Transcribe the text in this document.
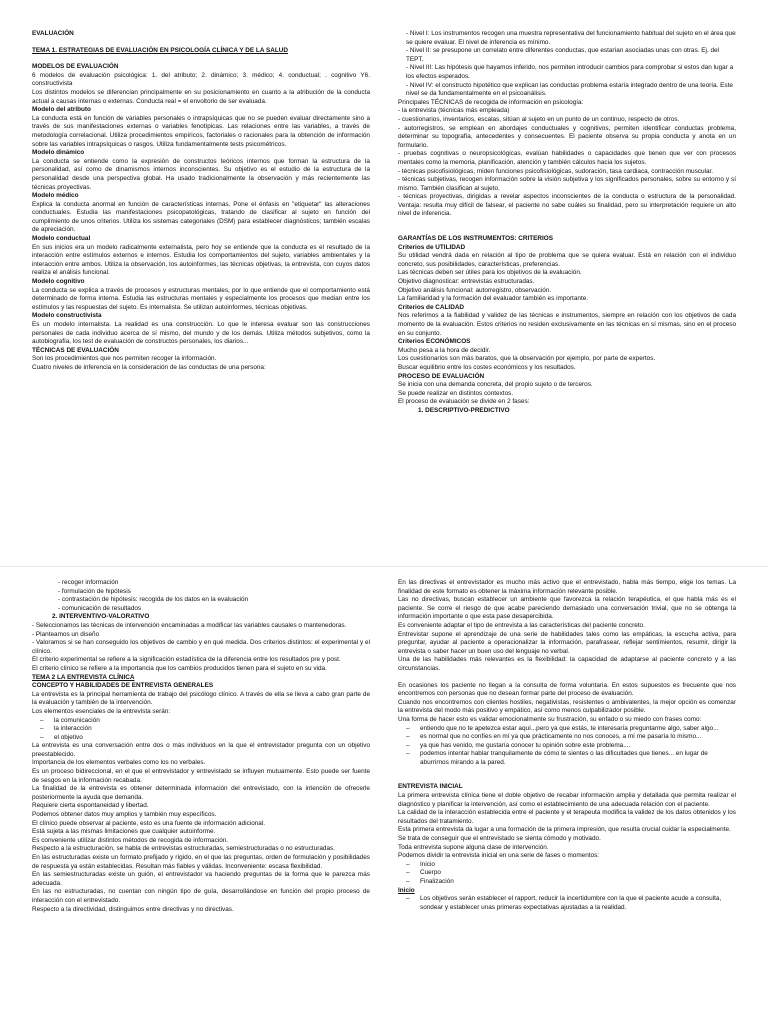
EVALUACIÓN
TEMA 1. ESTRATEGIAS DE EVALUACIÓN EN PSICOLOGÍA CLÍNICA Y DE LA SALUD
MODELOS DE EVALUACIÓN
6 modelos de evaluación psicológica: 1. del atributo; 2. dinámico; 3. médico; 4. conductual; . cognitivo Y6. constructivista
Los distintos modelos se diferencian principalmente en su posicionamiento en cuanto a la atribución de la conducta actual a causas internas o externas. Conducta real = el envoltorio de ser evaluada.
Modelo del atributo
La conducta está en función de variables personales o intrapsíquicas que no se pueden evaluar directamente sino a través de sus manifestaciones externas o variables fenotípicas. Las relaciones entre las variables, a través de metodología correlacional. Utiliza procedimientos empíricos, factoriales o racionales para la obtención de información sobre las variables intrapsíquicas o rasgos. Utiliza fundamentalmente tests psicométricos.
Modelo dinámico
La conducta se entiende como la expresión de constructos teóricos internos que forman la estructura de la personalidad, así como de dinamismos internos inconscientes. Su objetivo es el estudio de la estructura de la personalidad desde una perspectiva global. Ha usado tradicionalmente la observación y más recientemente las técnicas proyectivas.
Modelo médico
Explica la conducta anormal en función de características internas. Pone el énfasis en "etiquetar" las alteraciones conductuales. Estudia las manifestaciones psicopatológicas, tratando de clasificar al sujeto en función del cumplimiento de unos criterios. Utiliza los sistemas categoriales (DSM) para establecer diagnósticos; también escalas de apreciación.
Modelo conductual
En sus inicios era un modelo radicalmente externalista, pero hoy se entiende que la conducta es el resultado de la interacción entre estímulos externos e internos. Estudia los comportamientos del sujeto, variables ambientales y la interacción entre ambos. Utiliza la observación, los autoinformes, las técnicas objetivas, la entrevista, con cuyos datos realiza el análisis funcional.
Modelo cognitivo
La conducta se explica a través de procesos y estructuras mentales, por lo que entiende que el comportamiento está determinado de forma interna. Estudia las estructuras mentales y especialmente los procesos que median entre los estímulos y las respuestas del sujeto. Es internalista. Se utilizan autoinformes, técnicas objetivas.
Modelo constructivista
Es un modelo internalista. La realidad es una construcción. Lo que le interesa evaluar son las construcciones personales de cada individuo acerca de sí mismo, del mundo y de los demás. Utiliza métodos subjetivos, como la autobiografía, los test de evaluación de constructos personales, los diarios...
TÉCNICAS DE EVALUACIÓN
Son los procedimientos que nos permiten recoger la información.
Cuatro niveles de inferencia en la consideración de las conductas de una persona:
- Nivel I: Los instrumentos recogen una muestra representativa del funcionamiento habitual del sujeto en el área que se quiere evaluar. El nivel de inferencia es mínimo.
- Nivel II: se presupone un correlato entre diferentes conductas, que estarían asociadas unas con otras. Ej. del TEPT.
- Nivel III: Las hipótesis que hayamos inferido, nos permiten introducir cambios para comprobar si estos dan lugar a los efectos esperados.
- Nivel IV: el constructo hipotético que explican las conductas problema estaría integrado dentro de una teoría. Este nivel se da fundamentalmente en el psicoanálisis.
Principales TÉCNICAS de recogida de información en psicología:
- la entrevista (técnicas más empleada)
- cuestionarios, inventarios, escalas, sitúan al sujeto en un punto de un continuo, respecto de otros.
- autorregistros, se emplean en abordajes conductuales y cognitivos, permiten identificar conductas problema, determinar su topografía, antecedentes y consecuentes. El paciente observa su propia conducta y anota en un formulario.
- pruebas cognitivas o neuropsicológicas, evalúan habilidades o capacidades que tienen que ver con procesos mentales como la memoria, planificación, atención y también cálculos hacia los sujetos.
- técnicas psicofisiológicas, miden funciones psicofisiológicas, sudoración, tasa cardiaca, contracción muscular.
- técnicas subjetivas, recogen información sobre la visión subjetiva y los significados personales, sobre su entorno y sí mismo. También clasifican al sujeto.
- técnicas proyectivas, dirigidas a revelar aspectos inconscientes de la conducta o estructura de la personalidad. Ventaja: resulta muy difícil de falsear, el paciente no sabe cuáles su finalidad, pero su interpretación requiere un alto nivel de inferencia.
GARANTÍAS DE LOS INSTRUMENTOS: CRITERIOS
Criterios de UTILIDAD
Su utilidad vendrá dada en relación al tipo de problema que se quiera evaluar. Está en relación con el individuo concreto, sus posibilidades, características, preferencias.
Las técnicas deben ser útiles para los objetivos de la evaluación.
Objetivo diagnosticar: entrevistas estructuradas.
Objetivo análisis funcional: autorregistro, observación.
La familiaridad y la formación del evaluador también es importante.
Criterios de CALIDAD
Nos referimos a la fiabilidad y validez de las técnicas e instrumentos, siempre en relación con los objetivos de cada momento de la evaluación. Estos criterios no residen exclusivamente en las técnicas en sí mismas, sino en el proceso en su conjunto.
Criterios ECONÓMICOS
Mucho pesa a la hora de decidir.
Los cuestionarios son más baratos, que la observación por ejemplo, por parte de expertos.
Buscar equilibrio entre los costes económicos y los resultados.
PROCESO DE EVALUACIÓN
Se inicia con una demanda concreta, del propio sujeto o de terceros.
Se puede realizar en distintos contextos.
El proceso de evaluación se divide en 2 fases:
1. DESCRIPTIVO-PREDICTIVO
- recoger información
- formulación de hipótesis
- contrastación de hipótesis: recogida de los datos en la evaluación
- comunicación de resultados
2. INTERVENTIVO-VALORATIVO
- Seleccionamos las técnicas de intervención encaminadas a modificar las variables causales o mantenedoras.
- Planteamos un diseño
- Valoramos si se han conseguido los objetivos de cambio y en qué medida. Dos criterios distintos: el experimental y el clínico.
El criterio experimental se refiere a la significación estadística de la diferencia entre los resultados pre y post.
El criterio clínico se refiere a la importancia que los cambios producidos tienen para el sujeto en su vida.
TEMA 2 LA ENTREVISTA CLÍNICA
CONCEPTO Y HABILIDADES DE ENTREVISTA GENERALES
La entrevista es la principal herramienta de trabajo del psicólogo clínico. A través de ella se lleva a cabo gran parte de la evaluación y también de la intervención.
Los elementos esenciales de la entrevista serán:
– la comunicación
– la interacción
– el objetivo
La entrevista es una conversación entre dos o más individuos en la que el entrevistador pregunta con un objetivo preestablecido.
Importancia de los elementos verbales como los no verbales.
Es un proceso bidireccional, en el que el entrevistador y entrevistado se influyen mutuamente. Esto puede ser fuente de sesgos en la información recabada.
La finalidad de la entrevista es obtener determinada información del entrevistado, con la intención de ofrecerle posteriormente la ayuda que demanda.
Requiere cierta espontaneidad y libertad.
Podemos obtener datos muy amplios y también muy específicos.
El clínico puede observar al paciente, esto es una fuente de información adicional.
Está sujeta a las mismas limitaciones que cualquier autoinforme.
Es conveniente utilizar distintos métodos de recogida de información.
Respecto a la estructuración, se habla de entrevistas estructuradas, semiestructuradas o no estructuradas.
En las estructuradas existe un formato prefijado y rígido, en el que las preguntas, orden de formulación y posibilidades de respuesta ya están establecidas. Resultan más fiables y válidas. Inconveniente: escasa flexibilidad.
En las semiestructuradas existe un guión, el entrevistador va haciendo preguntas de la forma que le parezca más adecuada.
En las no estructuradas, no cuentan con ningún tipo de guía, desarrollándose en función del propio proceso de interacción con el entrevistado.
Respecto a la directividad, distinguimos entre directivas y no directivas.
En las directivas el entrevistador es mucho más activo que el entrevistado, habla más tiempo, elige los temas. La finalidad de este formato es obtener la máxima información relevante posible.
Las no directivas, buscan establecer un ambiente que favorezca la relación terapéutica, el que habla más es el paciente. Se corre el riesgo de que acabe pareciendo demasiado una conversación trivial, que no se obtenga la información importante o que esta pase desapercibida.
Es conveniente adaptar el tipo de entrevista a las características del paciente concreto.
Entrevistar supone el aprendizaje de una serie de habilidades tales como las empáticas, la escucha activa, para preguntar, ayudar al paciente a operacionalizar la información, parafrasear, reflejar sentimientos, resumir, dirigir la entrevista o saber hacer un buen uso del lenguaje no verbal.
Una de las habilidades más relevantes es la flexibilidad: la capacidad de adaptarse al paciente concreto y a las circunstancias.
En ocasiones los paciente no llegan a la consulta de forma voluntaria. En estos supuestos es frecuente que nos encontremos con personas que no desean formar parte del proceso de evaluación.
Cuando nos encontremos con clientes hostiles, negativistas, resistentes o ambivalentes, la mejor opción es comenzar la entrevista del modo más positivo y empático, así como menos culpabilizador posible.
Una forma de hacer esto es validar emocionalmente su frustración, su enfado o su miedo con frases como:
– entiendo que no te apetezca estar aquí...pero ya que estás, te interesaría preguntarme algo, saber algo...
– es normal que no confíes en mí ya que prácticamente no nos conoces, a mí me pasaría lo mismo...
– ya que has venido, me gustaría conocer tu opinión sobre este problema....
– podemos intentar hablar tranquilamente de cómo te sientes o las dificultades que tienes... en lugar de aburrirnos mirando a la pared.
ENTREVISTA INICIAL
La primera entrevista clínica tiene el doble objetivo de recabar información amplia y detallada que permita realizar el diagnóstico y planificar la intervención, así como el establecimiento de una adecuada relación con el paciente.
La calidad de la interacción establecida entre el paciente y el terapeuta modifica la validez de los datos obtenidos y los resultados del tratamiento.
Esta primera entrevista da lugar a una formación de la primera impresión, que resulta crucial cuidar la especialmente.
Se trata de conseguir que el entrevistado se sienta cómodo y motivado.
Toda entrevista supone alguna clase de intervención.
Podemos dividir la entrevista inicial en una serie de fases o momentos:
– Inicio
– Cuerpo
– Finalización
Inicio
– Los objetivos serán establecer el rapport, reducir la incertidumbre con la que el paciente acude a consulta, sondear y establecer unas primeras expectativas ajustadas a la realidad.
